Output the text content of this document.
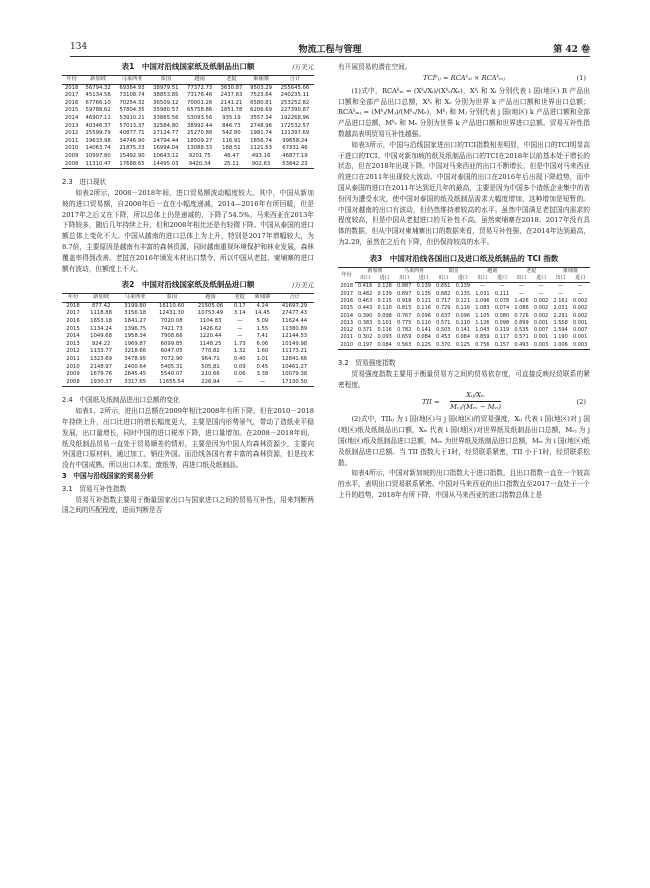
134	物流工程与管理	第 42 卷
表1　中国对沿线国家纸及纸制品出口额	/万美元
年份	新加坡	马来西亚	泰国	越南	老挝	柬埔寨	合计
2018	56794.32	69364.93	38979.51	77372.73	3630.87	9503.29	255645.66
2017	45134.58	73108.74	38853.85	73176.46	2437.83	7523.64	240235.11
2016	67766.10	70254.32	36509.12	70001.26	2141.21	6580.81	253252.82
2015	59788.62	57804.35	35980.57	65758.86	1851.78	6206.69	227390.87
2014	46907.11	53910.21	33865.56	53093.56	935.19	3557.34	192268.96
2013	40346.37	57013.37	32584.80	38992.44	846.73	2748.96	172532.57
2012	25599.79	40877.71	27124.77	25270.88	542.80	1981.74	121397.69
2011	19633.98	34746.90	24794.44	18509.27	116.91	1856.74	99658.24
2010	14063.74	21875.33	16994.04	13088.33	188.51	1121.53	67331.46
2009	10997.80	15492.90	10643.12	9201.75	48.47	493.16	46877.19
2008	11310.47	17688.65	14495.03	9420.34	25.11	902.63	53842.23
2.3　进口现状

如表2所示，2008－2018年间，进口贸易额波动幅度较大。其中，中国从新加坡的进口贸易额，自2008年后一直在小幅度递减，2014—2016年有所回暖，但是2017年之后又在下降，所以总体上仍是递减的，下降了54.5%。马来西亚在2013年下降较多，随后几年持续上升，但和2008年相比还是有轻微下降。中国从泰国的进口额总体上变化不大。中国从越南的进口总体上为上升，特别是2017年增幅较大，为8.7倍，主要原因是越南有丰富的森林资源，同时越南重视环境保护和林业发展，森林覆盖率得到改善。老挝在2016年颁发木材出口禁令，所以中国从老挝、柬埔寨的进口额有波动，但额度上不大。

表2　中国对沿线国家纸及纸制品进口额	/万美元
年份	新加坡	马来西亚	泰国	越南	老挝	柬埔寨	合计
2018	877.42	3199.80	16110.60	21505.06	0.17	4.24	41697.29
2017	1118.88	3156.18	12431.30	10753.49	3.14	14.45	27477.43
2016	1653.18	1841.27	7020.08	1104.83	—	5.09	11624.44
2015	1134.24	1396.75	7421.73	1426.62	—	1.55	11380.89
2014	1049.68	1958.34	7908.66	1220.44	—	7.41	12144.53
2013	924.22	1969.87	6099.85	1148.25	1.73	6.06	10149.98
2012	1133.77	3218.66	6047.05	770.82	1.32	1.60	11173.21
2011	1323.69	3478.95	7072.90	964.71	0.40	1.01	12841.66
2010	2148.97	2400.64	5405.31	505.81	0.09	0.45	10461.27
2009	1679.76	2645.45	5540.07	210.66	0.06	3.38	10079.38
2008	1930.37	3317.65	11655.54	226.94	—	—	17130.50
2.4　中国纸及纸制品进出口总额的变化

如表1、2所示，进出口总额在2009年相比2008年有所下降，但在2010－2018年持续上升，出口比进口的增长幅度更大，主要是国内形势景气，带动了造纸业平稳发展，出口量增长，同时中国的进口税率下降，进口量增加。在2008－2018年间，纸及纸制品贸易一直处于贸易顺差的情形，主要是因为中国人均森林资源少，主要向外国进口原材料，通过加工，销往外国。而沿线各国有着丰富的森林资源，但是技术没有中国成熟，所以出口木浆、废纸等，再进口纸及纸制品。

3　中国与沿线国家的贸易分析
3.1　贸易互补性指数

贸易互补指数主要用于衡量国家出口与国家进口之间的贸易互补性，用来判断两国之间的匹配程度，进而判断是否

有开展贸易的潜在空间。

TCIᵏᵢⱼ = RCAᵏₓᵢ × RCAᵏₘⱼ	(1)

(1)式中，RCAᵏₓᵢ = (Xᵏᵢ/Xᵢ)/(Xᵏᵥ/Xᵥ)，Xᵏᵢ 和 Xᵢ 分别代表 i 国(地区) R 产品出口额和全部产品出口总额，Xᵏᵥ 和 Xᵥ 分别为世界 k 产品出口额和世界出口总额；RCAᵏₘⱼ = (Mᵏⱼ/Mⱼ)/(Mᵏᵥ/Mᵥ)，Mᵏⱼ 和 Mⱼ 分别代表 j 国(地区) k 产品进口额和全部产品进口总额，Mᵏᵥ 和 Mᵥ 分别为世界 k 产品进口额和世界进口总额。贸易互补性指数越高表明贸易互补性越强。

如表3所示，中国与沿线国家进出口的TCI指数相差明显，中国出口的TCI明显高于进口的TCI。中国对新加坡的纸及纸制品出口的TCI在2018年以前基本处于增长的状态，但在2018年出现下降。中国对马来西亚的出口不断增长，但是中国对马来西亚的进口在2011年出现较大波动。中国对泰国的出口在2016年后出现下降趋势，而中国从泰国的进口在2011年达到近几年的最高，主要是因为中国多个造纸企业集中的省份因为遭受水灾，使中国对泰国的纸及纸制品需求大幅度增加，这种增加是短暂的。中国对越南的出口有波动，但仍然维持着较高的水平。虽然中国满足老挝国内需求的程度较高，但是中国从老挝进口的互补性不高。虽然柬埔寨在2018、2017年没有具体的数据，但从中国对柬埔寨出口的数据来看，贸易互补性强，在2014年达到最高，为2.29，虽然在之后有下降，但仍保持较高的水平。

表3　中国对沿线各国出口及进口纸及纸制品的 TCI 指数
年份	新加坡		马来西亚		泰国		越南		老挝		柬埔寨	
	出口	进口	出口	进口	出口	进口	出口	进口	出口	进口	出口	进口
2018	0.416	0.128	0.887	0.139	0.651	0.139	—	—	—	—	—	—
2017	0.482	0.139	0.897	0.135	0.682	0.135	1.031	0.111	—	—	—	—
2016	0.463	0.115	0.918	0.121	0.717	0.121	1.096	0.078	1.426	0.002	2.161	0.002
2015	0.443	0.110	0.815	0.116	0.729	0.116	1.083	0.074	1.086	0.002	2.031	0.002
2014	0.390	0.098	0.767	0.096	0.637	0.096	1.105	0.080	0.726	0.002	2.291	0.002
2013	0.383	0.101	0.775	0.110	0.571	0.110	1.126	0.098	0.899	0.001	1.558	0.001
2012	0.371	0.116	0.782	0.141	0.503	0.141	1.043	0.119	0.535	0.007	1.594	0.007
2011	0.302	0.093	0.659	0.084	0.453	0.084	0.859	0.117	0.571	0.001	1.190	0.001
2010	0.197	0.084	0.563	0.125	0.370	0.125	0.756	0.157	0.493	0.003	1.006	0.003
3.2　贸易强度指数

贸易强度指数主要用于衡量贸易方之间的贸易依存度，可直接反映经贸联系的紧密程度。

TII =
Xᵢⱼ/Xᵢᵥ
Mᵥⱼ/(Mᵥᵥ − Mᵥᵢ)
(2)

(2)式中，TIIᵢⱼ 为 i 国(地区)与 j 国(地区)的贸易强度，Xᵢⱼ 代表 i 国(地区)对 j 国(地区)纸及纸制品出口额，Xᵢᵥ 代表 i 国(地区)对世界纸及纸制品出口总额，Mᵥⱼ 为 j 国(地区)纸及纸制品进口总额，Mᵥᵥ 为世界纸及纸制品进口总额，Mᵥᵢ 为 i 国(地区)纸及纸制品进口总额。当 TII 指数大于1时，经贸联系紧密，TII 小于1时，经贸联系松散。

如表4所示，中国对新加坡的出口指数大于进口指数，且出口指数一直在一个较高的水平，表明出口贸易联系紧密。中国对马来西亚的出口指数直至2017一直处于一个上升的趋势，2018年有所下降，中国从马来西亚的进口指数总体上是
